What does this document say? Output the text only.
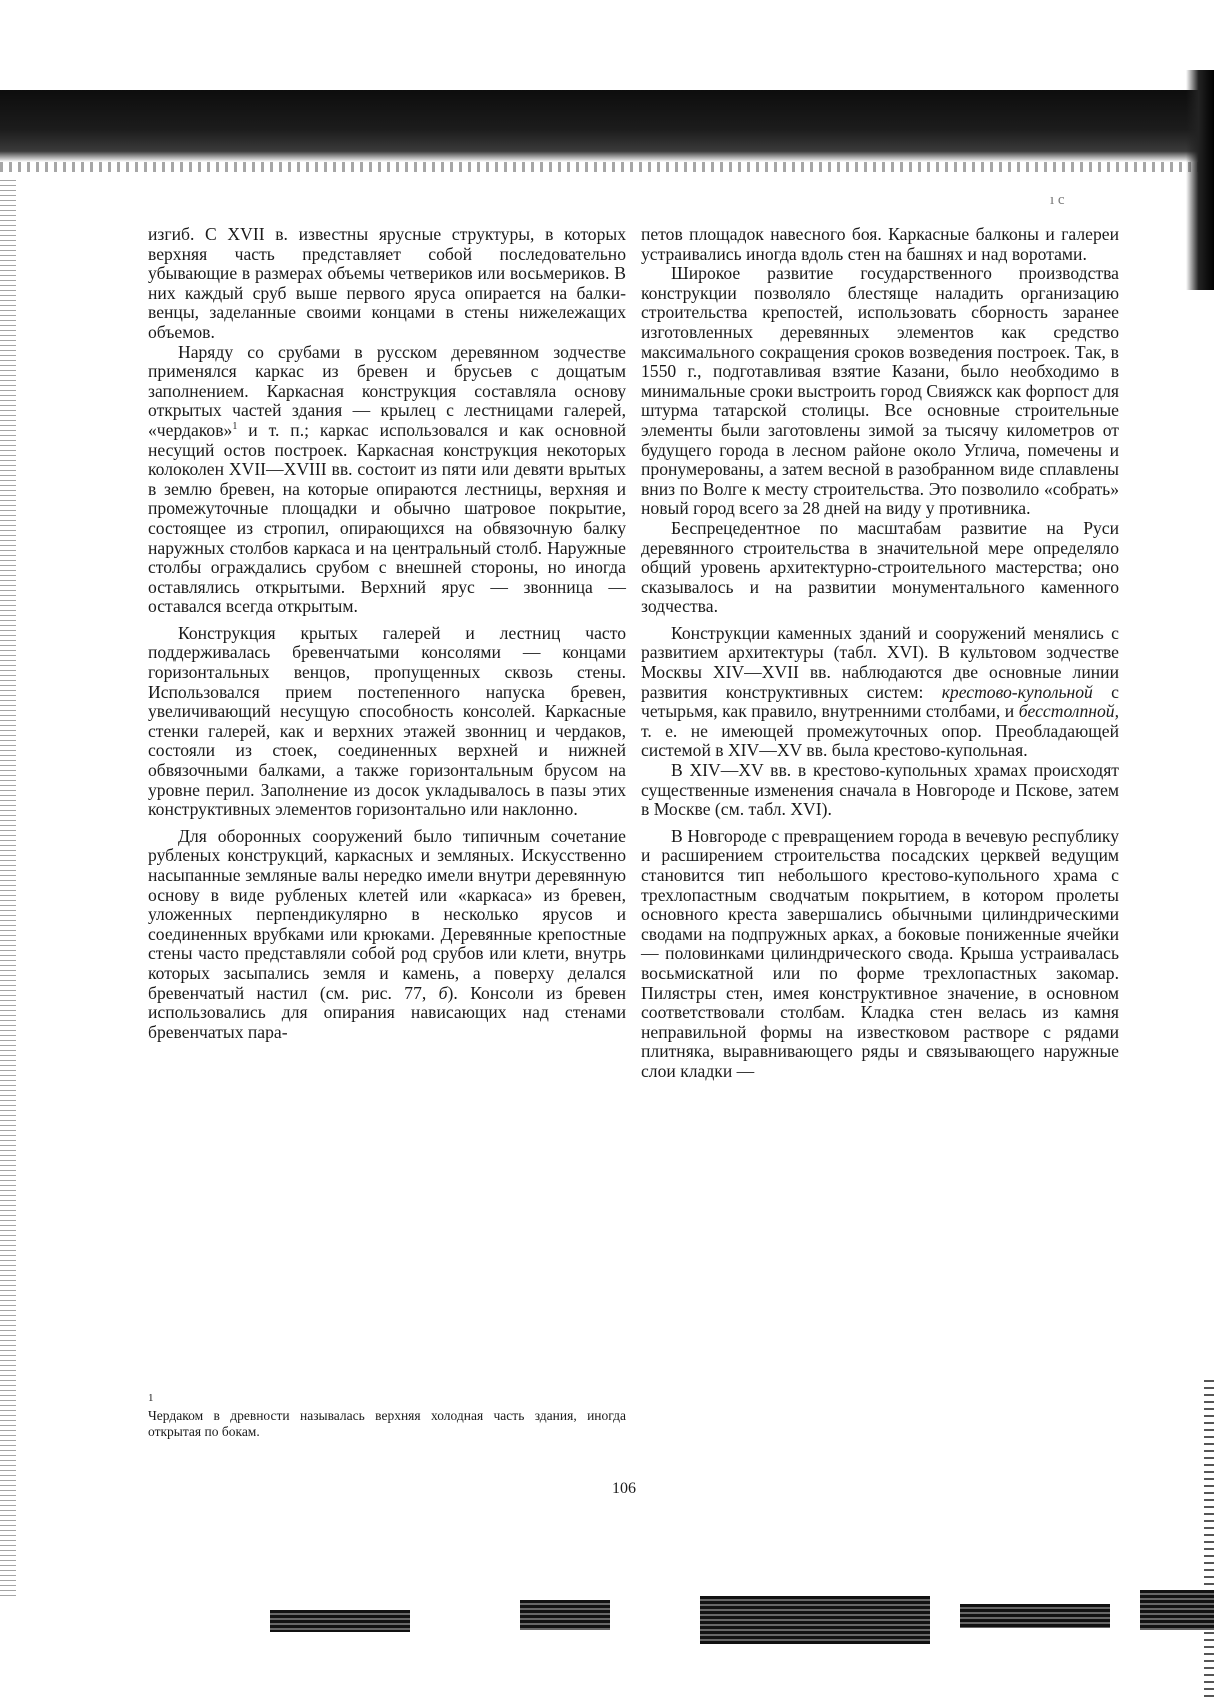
ı с

изгиб. С XVII в. известны ярусные структуры, в которых верхняя часть представляет собой последовательно убывающие в размерах объемы четвериков или восьмериков. В них каждый сруб выше первого яруса опирается на балки-венцы, заделанные своими концами в стены нижележащих объемов.

Наряду со срубами в русском деревянном зодчестве применялся каркас из бревен и брусьев с дощатым заполнением. Каркасная конструкция составляла основу открытых частей здания — крылец с лестницами галерей, «чердаков»$^1$ и т. п.; каркас использовался и как основной несущий остов построек. Каркасная конструкция некоторых колоколен XVII—XVIII вв. состоит из пяти или девяти врытых в землю бревен, на которые опираются лестницы, верхняя и промежуточные площадки и обычно шатровое покрытие, состоящее из стропил, опирающихся на обвязочную балку наружных столбов каркаса и на центральный столб. Наружные столбы ограждались срубом с внешней стороны, но иногда оставлялись открытыми. Верхний ярус — звонница — оставался всегда открытым.

Конструкция крытых галерей и лестниц часто поддерживалась бревенчатыми консолями — концами горизонтальных венцов, пропущенных сквозь стены. Использовался прием постепенного напуска бревен, увеличивающий несущую способность консолей. Каркасные стенки галерей, как и верхних этажей звонниц и чердаков, состояли из стоек, соединенных верхней и нижней обвязочными балками, а также горизонтальным брусом на уровне перил. Заполнение из досок укладывалось в пазы этих конструктивных элементов горизонтально или наклонно.

Для оборонных сооружений было типичным сочетание рубленых конструкций, каркасных и земляных. Искусственно насыпанные земляные валы нередко имели внутри деревянную основу в виде рубленых клетей или «каркаса» из бревен, уложенных перпендикулярно в несколько ярусов и соединенных врубками или крюками. Деревянные крепостные стены часто представляли собой род срубов или клети, внутрь которых засыпались земля и камень, а поверху делался бревенчатый настил (см. рис. 77, б). Консоли из бревен использовались для опирания нависающих над стенами бревенчатых пара-

петов площадок навесного боя. Каркасные балконы и галереи устраивались иногда вдоль стен на башнях и над воротами.

Широкое развитие государственного производства конструкции позволяло блестяще наладить организацию строительства крепостей, использовать сборность заранее изготовленных деревянных элементов как средство максимального сокращения сроков возведения построек. Так, в 1550 г., подготавливая взятие Казани, было необходимо в минимальные сроки выстроить город Свияжск как форпост для штурма татарской столицы. Все основные строительные элементы были заготовлены зимой за тысячу километров от будущего города в лесном районе около Углича, помечены и пронумерованы, а затем весной в разобранном виде сплавлены вниз по Волге к месту строительства. Это позволило «собрать» новый город всего за 28 дней на виду у противника.

Беспрецедентное по масштабам развитие на Руси деревянного строительства в значительной мере определяло общий уровень архитектурно-строительного мастерства; оно сказывалось и на развитии монументального каменного зодчества.

Конструкции каменных зданий и сооружений менялись с развитием архитектуры (табл. XVI). В культовом зодчестве Москвы XIV—XVII вв. наблюдаются две основные линии развития конструктивных систем: крестово-купольной с четырьмя, как правило, внутренними столбами, и бесстолпной, т. е. не имеющей промежуточных опор. Преобладающей системой в XIV—XV вв. была крестово-купольная.

В XIV—XV вв. в крестово-купольных храмах происходят существенные изменения сначала в Новгороде и Пскове, затем в Москве (см. табл. XVI).

В Новгороде с превращением города в вечевую республику и расширением строительства посадских церквей ведущим становится тип небольшого крестово-купольного храма с трехлопастным сводчатым покрытием, в котором пролеты основного креста завершались обычными цилиндрическими сводами на подпружных арках, а боковые пониженные ячейки — половинками цилиндрического свода. Крыша устраивалась восьмискатной или по форме трехлопастных закомар. Пилястры стен, имея конструктивное значение, в основном соответствовали столбам. Кладка стен велась из камня неправильной формы на известковом растворе с рядами плитняка, выравнивающего ряды и связывающего наружные слои кладки —

1
Чердаком в древности называлась верхняя холодная часть здания, иногда открытая по бокам.
106
